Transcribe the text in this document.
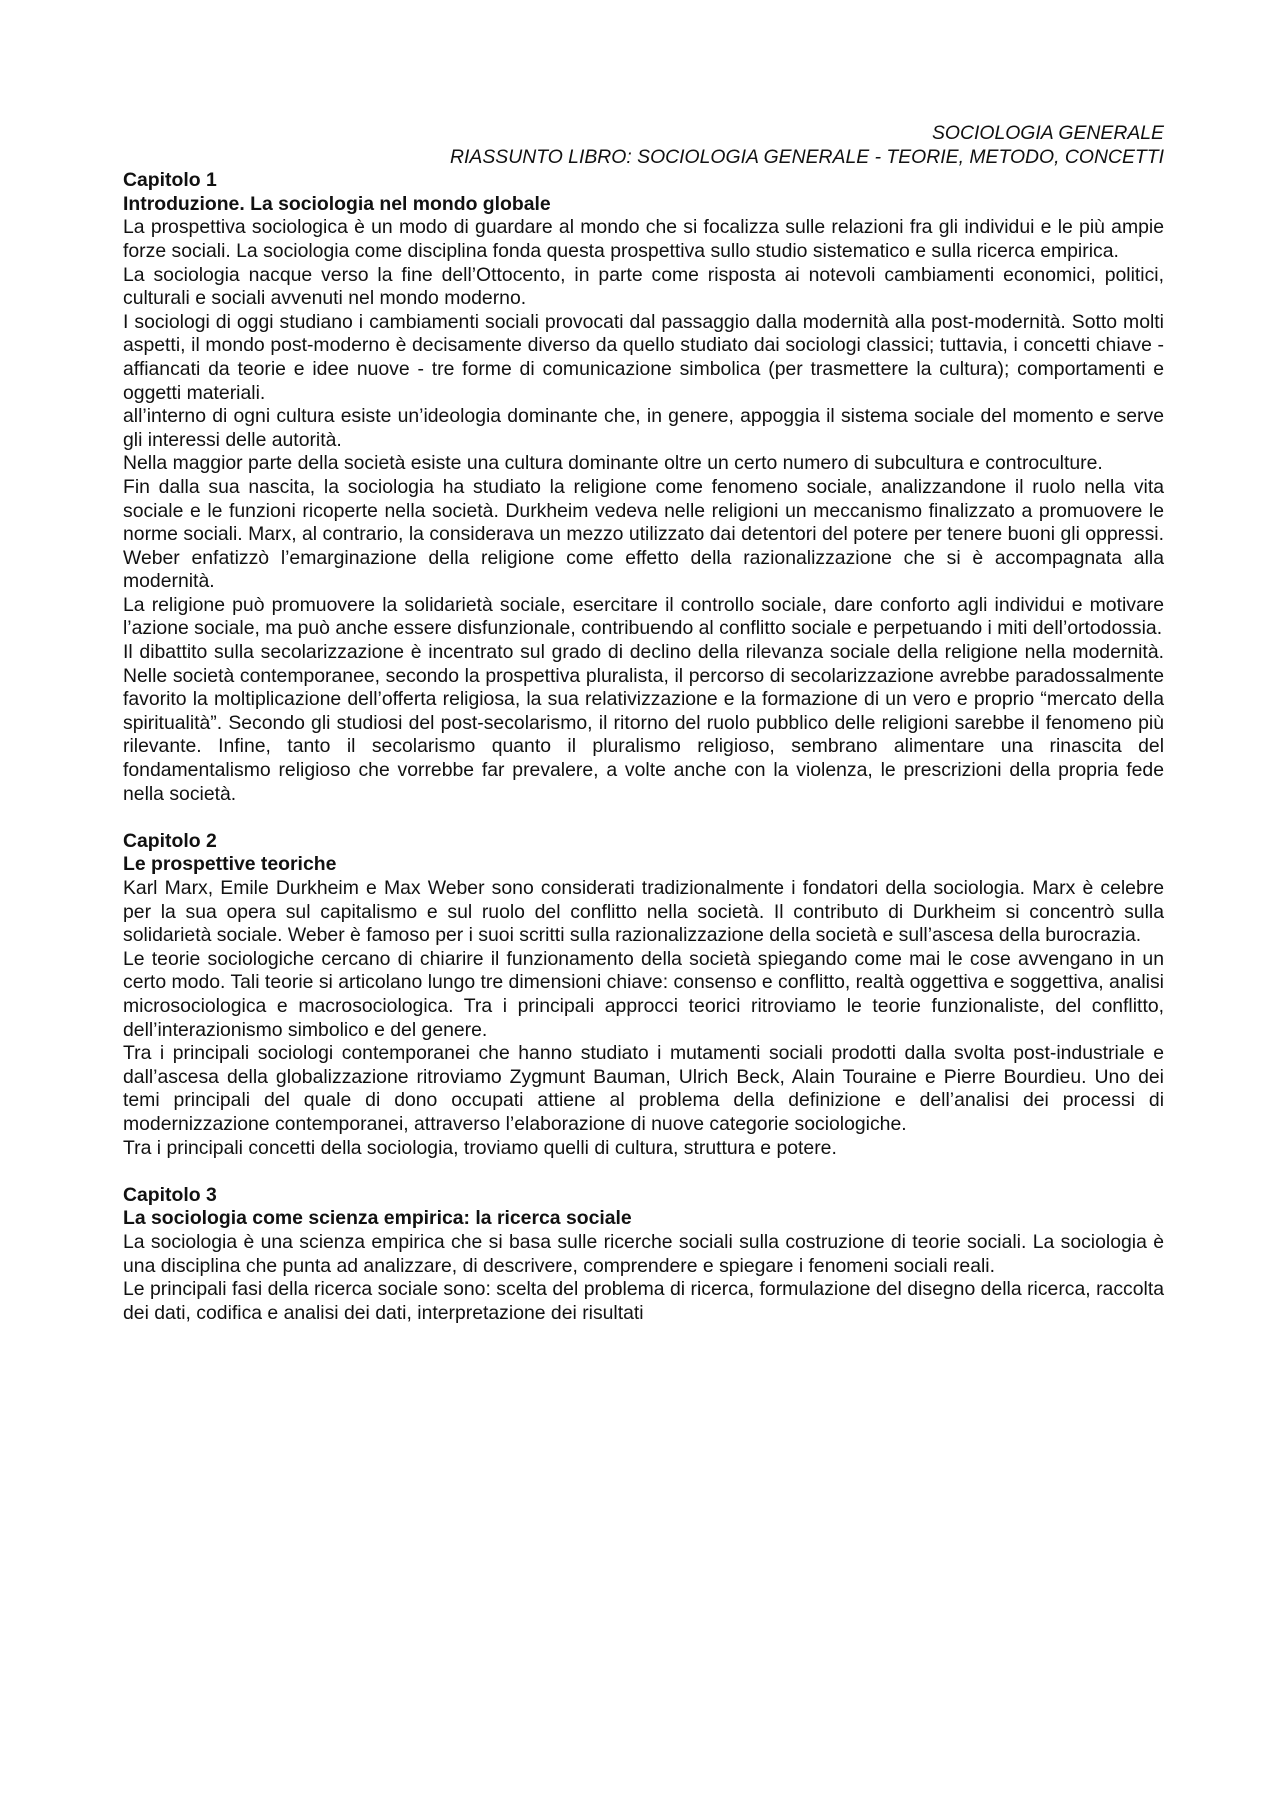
SOCIOLOGIA GENERALE
RIASSUNTO LIBRO: SOCIOLOGIA GENERALE - TEORIE, METODO, CONCETTI
Capitolo 1
Introduzione. La sociologia nel mondo globale

La prospettiva sociologica è un modo di guardare al mondo che si focalizza sulle relazioni fra gli individui e le più ampie forze sociali. La sociologia come disciplina fonda questa prospettiva sullo studio sistematico e sulla ricerca empirica.

La sociologia nacque verso la fine dell’Ottocento, in parte come risposta ai notevoli cambiamenti economici, politici, culturali e sociali avvenuti nel mondo moderno.

I sociologi di oggi studiano i cambiamenti sociali provocati dal passaggio dalla modernità alla post-modernità. Sotto molti aspetti, il mondo post-moderno è decisamente diverso da quello studiato dai sociologi classici; tuttavia, i concetti chiave - affiancati da teorie e idee nuove - tre forme di comunicazione simbolica (per trasmettere la cultura); comportamenti e oggetti materiali.

all’interno di ogni cultura esiste un’ideologia dominante che, in genere, appoggia il sistema sociale del momento e serve gli interessi delle autorità.

Nella maggior parte della società esiste una cultura dominante oltre un certo numero di subcultura e controculture.

Fin dalla sua nascita, la sociologia ha studiato la religione come fenomeno sociale, analizzandone il ruolo nella vita sociale e le funzioni ricoperte nella società. Durkheim vedeva nelle religioni un meccanismo finalizzato a promuovere le norme sociali. Marx, al contrario, la considerava un mezzo utilizzato dai detentori del potere per tenere buoni gli oppressi. Weber enfatizzò l’emarginazione della religione come effetto della razionalizzazione che si è accompagnata alla modernità.

La religione può promuovere la solidarietà sociale, esercitare il controllo sociale, dare conforto agli individui e motivare l’azione sociale, ma può anche essere disfunzionale, contribuendo al conflitto sociale e perpetuando i miti dell’ortodossia.

Il dibattito sulla secolarizzazione è incentrato sul grado di declino della rilevanza sociale della religione nella modernità. Nelle società contemporanee, secondo la prospettiva pluralista, il percorso di secolarizzazione avrebbe paradossalmente favorito la moltiplicazione dell’offerta religiosa, la sua relativizzazione e la formazione di un vero e proprio “mercato della spiritualità”. Secondo gli studiosi del post-secolarismo, il ritorno del ruolo pubblico delle religioni sarebbe il fenomeno più rilevante. Infine, tanto il secolarismo quanto il pluralismo religioso, sembrano alimentare una rinascita del fondamentalismo religioso che vorrebbe far prevalere, a volte anche con la violenza, le prescrizioni della propria fede nella società.

Capitolo 2
Le prospettive teoriche

Karl Marx, Emile Durkheim e Max Weber sono considerati tradizionalmente i fondatori della sociologia. Marx è celebre per la sua opera sul capitalismo e sul ruolo del conflitto nella società. Il contributo di Durkheim si concentrò sulla solidarietà sociale. Weber è famoso per i suoi scritti sulla razionalizzazione della società e sull’ascesa della burocrazia.

Le teorie sociologiche cercano di chiarire il funzionamento della società spiegando come mai le cose avvengano in un certo modo. Tali teorie si articolano lungo tre dimensioni chiave: consenso e conflitto, realtà oggettiva e soggettiva, analisi microsociologica e macrosociologica. Tra i principali approcci teorici ritroviamo le teorie funzionaliste, del conflitto, dell’interazionismo simbolico e del genere.

Tra i principali sociologi contemporanei che hanno studiato i mutamenti sociali prodotti dalla svolta post-industriale e dall’ascesa della globalizzazione ritroviamo Zygmunt Bauman, Ulrich Beck, Alain Touraine e Pierre Bourdieu. Uno dei temi principali del quale di dono occupati attiene al problema della definizione e dell’analisi dei processi di modernizzazione contemporanei, attraverso l’elaborazione di nuove categorie sociologiche.

Tra i principali concetti della sociologia, troviamo quelli di cultura, struttura e potere.

Capitolo 3
La sociologia come scienza empirica: la ricerca sociale

La sociologia è una scienza empirica che si basa sulle ricerche sociali sulla costruzione di teorie sociali. La sociologia è una disciplina che punta ad analizzare, di descrivere, comprendere e spiegare i fenomeni sociali reali.

Le principali fasi della ricerca sociale sono: scelta del problema di ricerca, formulazione del disegno della ricerca, raccolta dei dati, codifica e analisi dei dati, interpretazione dei risultati
